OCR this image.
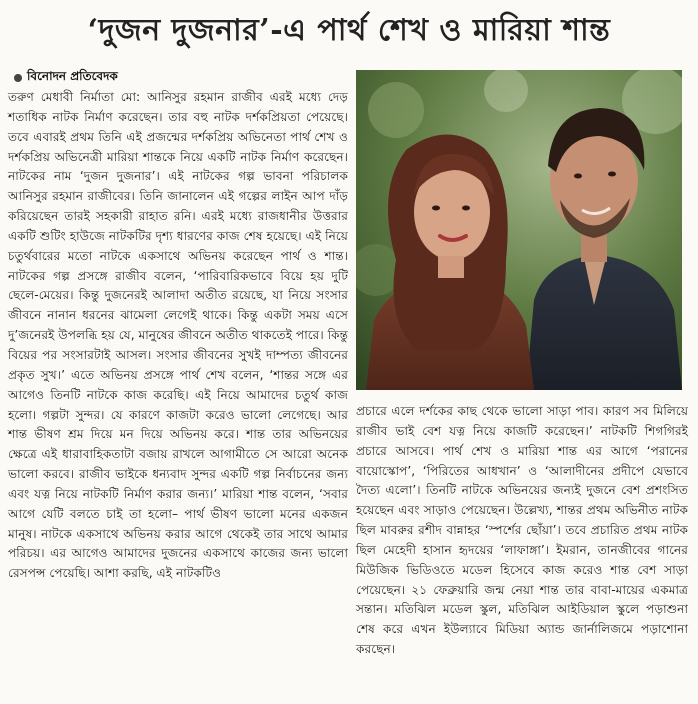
‘দুজন দুজনার’-এ পার্থ শেখ ও মারিয়া শান্ত
বিনোদন প্রতিবেদক

তরুণ মেধাবী নির্মাতা মো: আনিসুর রহমান রাজীব এরই মধ্যে দেড় শতাধিক নাটক নির্মাণ করেছেন। তার বহু নাটক দর্শকপ্রিয়তা পেয়েছে। তবে এবারই প্রথম তিনি এই প্রজন্মের দর্শকপ্রিয় অভিনেতা পার্থ শেখ ও দর্শকপ্রিয় অভিনেত্রী মারিয়া শান্তকে নিয়ে একটি নাটক নির্মাণ করেছেন। নাটকের নাম ‘দুজন দুজনার’। এই নাটকের গল্প ভাবনা পরিচালক আনিসুর রহমান রাজীবের। তিনি জানালেন এই গল্পের লাইন আপ দাঁড় করিয়েছেন তারই সহকারী রাহাত রনি। এরই মধ্যে রাজধানীর উত্তরার একটি শুটিং হাউজে নাটকটির দৃশ্য ধারণের কাজ শেষ হয়েছে। এই নিয়ে চতুর্থবারের মতো নাটকে একসাথে অভিনয় করেছেন পার্থ ও শান্ত। নাটকের গল্প প্রসঙ্গে রাজীব বলেন, ‘পারিবারিকভাবে বিয়ে হয় দুটি ছেলে-মেয়ের। কিন্তু দুজনেরই আলাদা অতীত রয়েছে, যা নিয়ে সংসার জীবনে নানান ধরনের ঝামেলা লেগেই থাকে। কিন্তু একটা সময় এসে দু’জনেরই উপলব্ধি হয় যে, মানুষের জীবনে অতীত থাকতেই পারে। কিন্তু বিয়ের পর সংসারটাই আসল। সংসার জীবনের সুখই দাম্পত্য জীবনের প্রকৃত সুখ।’ এতে অভিনয় প্রসঙ্গে পার্থ শেখ বলেন, ‘শান্তর সঙ্গে এর আগেও তিনটি নাটকে কাজ করেছি। এই নিয়ে আমাদের চতুর্থ কাজ হলো। গল্পটা সুন্দর। যে কারণে কাজটা করেও ভালো লেগেছে। আর শান্ত ভীষণ শ্রম দিয়ে মন দিয়ে অভিনয় করে। শান্ত তার অভিনয়ের ক্ষেত্রে এই ধারাবাহিকতাটা বজায় রাখলে আগামীতে সে আরো অনেক ভালো করবে। রাজীব ভাইকে ধন্যবাদ সুন্দর একটি গল্প নির্বাচনের জন্য এবং যত্ন নিয়ে নাটকটি নির্মাণ করার জন্য।’ মারিয়া শান্ত বলেন, ‘সবার আগে যেটি বলতে চাই তা হলো– পার্থ ভীষণ ভালো মনের একজন মানুষ। নাটকে একসাথে অভিনয় করার আগে থেকেই তার সাথে আমার পরিচয়। এর আগেও আমাদের দুজনের একসাথে কাজের জন্য ভালো রেসপন্স পেয়েছি। আশা করছি, এই নাটকটিও

প্রচারে এলে দর্শকের কাছ থেকে ভালো সাড়া পাব। কারণ সব মিলিয়ে রাজীব ভাই বেশ যত্ন নিয়ে কাজটি করেছেন।’ নাটকটি শিগগিরই প্রচারে আসবে। পার্থ শেখ ও মারিয়া শান্ত এর আগে ‘পরানের বায়োস্কোপ’, ‘পিরিতের আধখান’ ও ‘আলাদীনের প্রদীপে যেভাবে দৈত্য এলো’। তিনটি নাটকে অভিনয়ের জন্যই দুজনে বেশ প্রশংসিত হয়েছেন এবং সাড়াও পেয়েছেন। উল্লেখ্য, শান্তর প্রথম অভিনীত নাটক ছিল মাবরুর রশীদ বান্নাহর ‘স্পর্শের ছোঁয়া’। তবে প্রচারিত প্রথম নাটক ছিল মেহেদী হাসান হৃদয়ের ‘লাফাঙ্গা’। ইমরান, তানজীবের গানের মিউজিক ভিডিওতে মডেল হিসেবে কাজ করেও শান্ত বেশ সাড়া পেয়েছেন। ২১ ফেব্রুয়ারি জন্ম নেয়া শান্ত তার বাবা-মায়ের একমাত্র সন্তান। মতিঝিল মডেল স্কুল, মতিঝিল আইডিয়াল স্কুলে পড়াশুনা শেষ করে এখন ইউল্যাবে মিডিয়া অ্যান্ড জার্নালিজমে পড়াশোনা করছেন।
